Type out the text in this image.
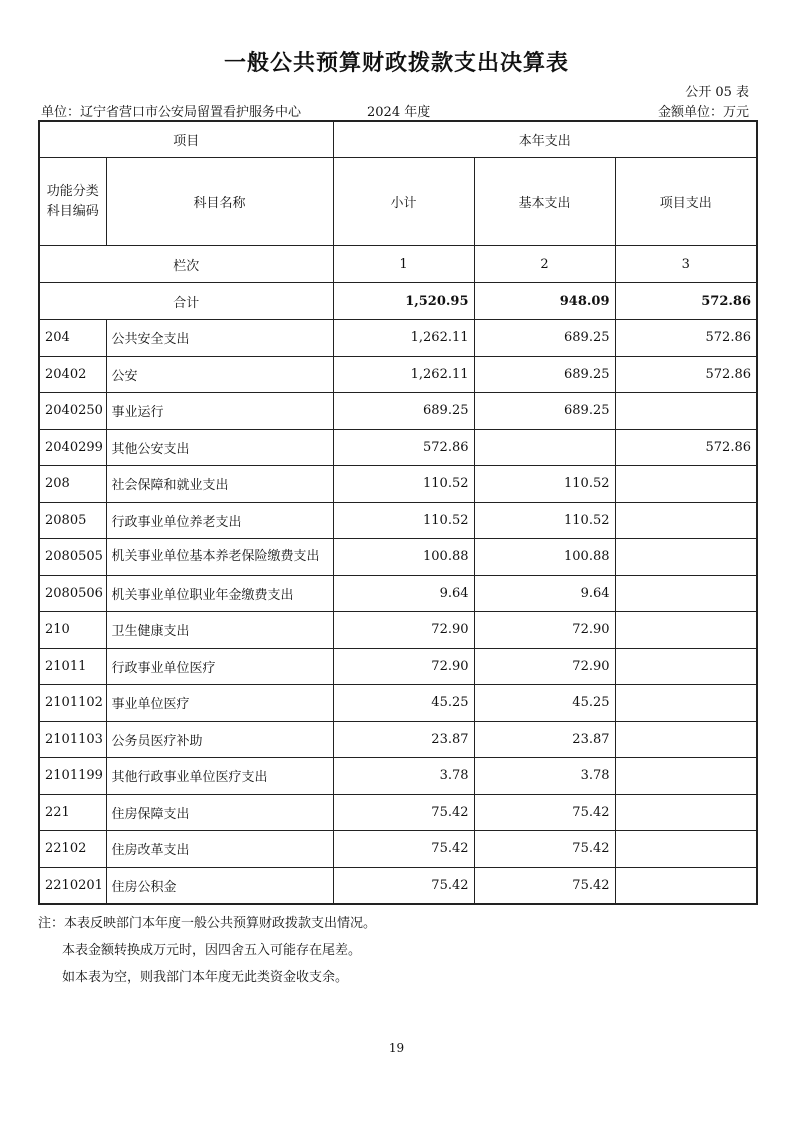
一般公共预算财政拨款支出决算表
公开 05 表
单位：辽宁省营口市公安局留置看护服务中心	2024 年度	金额单位：万元
项目		本年支出		
功能分类科目编码	科目名称	小计	基本支出	项目支出
栏次		1	2	3
合计		1,520.95	948.09	572.86
204	公共安全支出	1,262.11	689.25	572.86
20402	公安	1,262.11	689.25	572.86
2040250	事业运行	689.25	689.25	
2040299	其他公安支出	572.86		572.86
208	社会保障和就业支出	110.52	110.52	
20805	行政事业单位养老支出	110.52	110.52	
2080505	机关事业单位基本养老保险缴费支出	100.88	100.88	
2080506	机关事业单位职业年金缴费支出	9.64	9.64	
210	卫生健康支出	72.90	72.90	
21011	行政事业单位医疗	72.90	72.90	
2101102	事业单位医疗	45.25	45.25	
2101103	公务员医疗补助	23.87	23.87	
2101199	其他行政事业单位医疗支出	3.78	3.78	
221	住房保障支出	75.42	75.42	
22102	住房改革支出	75.42	75.42	
2210201	住房公积金	75.42	75.42	
注：本表反映部门本年度一般公共预算财政拨款支出情况。
本表金额转换成万元时，因四舍五入可能存在尾差。
如本表为空，则我部门本年度无此类资金收支余。
19
